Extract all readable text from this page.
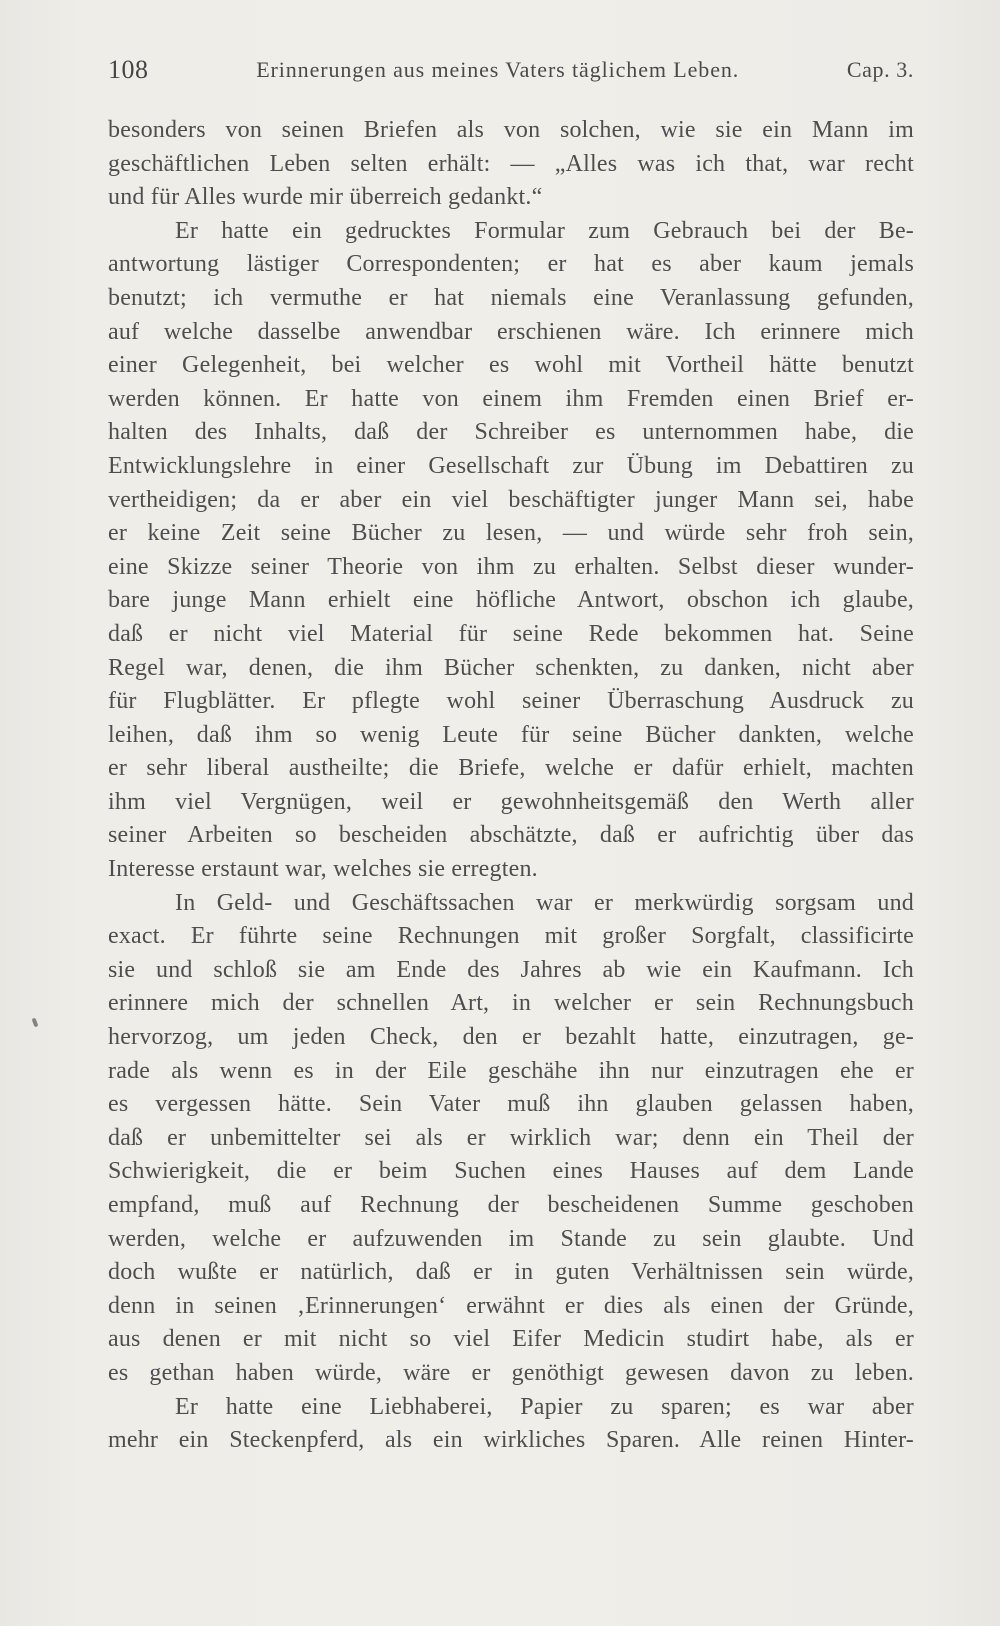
108	Erinnerungen aus meines Vaters täglichem Leben.	Cap. 3.
besonders von seinen Briefen als von solchen, wie sie ein Mann im
geschäftlichen Leben selten erhält: — „Alles was ich that, war recht
und für Alles wurde mir überreich gedankt.“
Er hatte ein gedrucktes Formular zum Gebrauch bei der Be-
antwortung lästiger Correspondenten; er hat es aber kaum jemals
benutzt; ich vermuthe er hat niemals eine Veranlassung gefunden,
auf welche dasselbe anwendbar erschienen wäre. Ich erinnere mich
einer Gelegenheit, bei welcher es wohl mit Vortheil hätte benutzt
werden können. Er hatte von einem ihm Fremden einen Brief er-
halten des Inhalts, daß der Schreiber es unternommen habe, die
Entwicklungslehre in einer Gesellschaft zur Übung im Debattiren zu
vertheidigen; da er aber ein viel beschäftigter junger Mann sei, habe
er keine Zeit seine Bücher zu lesen, — und würde sehr froh sein,
eine Skizze seiner Theorie von ihm zu erhalten. Selbst dieser wunder-
bare junge Mann erhielt eine höfliche Antwort, obschon ich glaube,
daß er nicht viel Material für seine Rede bekommen hat. Seine
Regel war, denen, die ihm Bücher schenkten, zu danken, nicht aber
für Flugblätter. Er pflegte wohl seiner Überraschung Ausdruck zu
leihen, daß ihm so wenig Leute für seine Bücher dankten, welche
er sehr liberal austheilte; die Briefe, welche er dafür erhielt, machten
ihm viel Vergnügen, weil er gewohnheitsgemäß den Werth aller
seiner Arbeiten so bescheiden abschätzte, daß er aufrichtig über das
Interesse erstaunt war, welches sie erregten.
In Geld- und Geschäftssachen war er merkwürdig sorgsam und
exact. Er führte seine Rechnungen mit großer Sorgfalt, classificirte
sie und schloß sie am Ende des Jahres ab wie ein Kaufmann. Ich
erinnere mich der schnellen Art, in welcher er sein Rechnungsbuch
hervorzog, um jeden Check, den er bezahlt hatte, einzutragen, ge-
rade als wenn es in der Eile geschähe ihn nur einzutragen ehe er
es vergessen hätte. Sein Vater muß ihn glauben gelassen haben,
daß er unbemittelter sei als er wirklich war; denn ein Theil der
Schwierigkeit, die er beim Suchen eines Hauses auf dem Lande
empfand, muß auf Rechnung der bescheidenen Summe geschoben
werden, welche er aufzuwenden im Stande zu sein glaubte. Und
doch wußte er natürlich, daß er in guten Verhältnissen sein würde,
denn in seinen ‚Erinnerungen‘ erwähnt er dies als einen der Gründe,
aus denen er mit nicht so viel Eifer Medicin studirt habe, als er
es gethan haben würde, wäre er genöthigt gewesen davon zu leben.
Er hatte eine Liebhaberei, Papier zu sparen; es war aber
mehr ein Steckenpferd, als ein wirkliches Sparen. Alle reinen Hinter-
